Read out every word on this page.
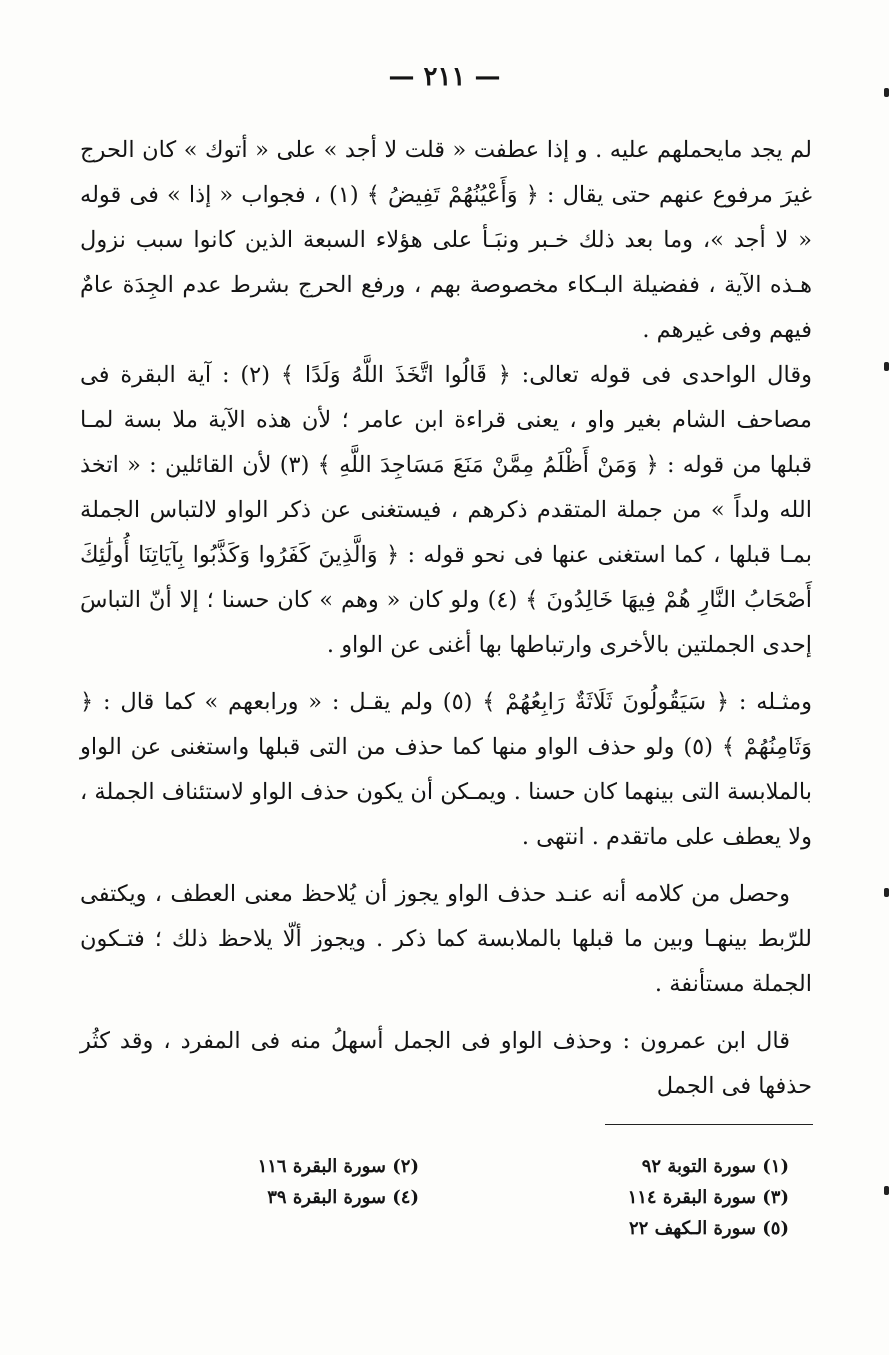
— ٢١١ —

لم يجد مايحملهم عليه . و إذا عطفت « قلت لا أجد » على « أتوك » كان الحرج غيرَ مرفوع عنهم حتى يقال : ﴿ وَأَعْيُنُهُمْ تَفِيضُ ﴾ (١) ، فجواب « إذا » فى قوله « لا أجد »، وما بعد ذلك خـبر ونبَـأ على هؤلاء السبعة الذين كانوا سبب نزول هـذه الآية ، ففضيلة البـكاء مخصوصة بهم ، ورفع الحرج بشرط عدم الجِدَة عامٌ فيهم وفى غيرهم .

وقال الواحدى فى قوله تعالى: ﴿ قَالُوا اتَّخَذَ اللَّهُ وَلَدًا ﴾ (٢) : آية البقرة فى مصاحف الشام بغير واو ، يعنى قراءة ابن عامر ؛ لأن هذه الآية ملا بسة لمـا قبلها من قوله : ﴿ وَمَنْ أَظْلَمُ مِمَّنْ مَنَعَ مَسَاجِدَ اللَّهِ ﴾ (٣) لأن القائلين : « اتخذ الله ولداً » من جملة المتقدم ذكرهم ، فيستغنى عن ذكر الواو لالتباس الجملة بمـا قبلها ، كما استغنى عنها فى نحو قوله : ﴿ وَالَّذِينَ كَفَرُوا وَكَذَّبُوا بِآيَاتِنَا أُولَٰئِكَ أَصْحَابُ النَّارِ هُمْ فِيهَا خَالِدُونَ ﴾ (٤) ولو كان « وهم » كان حسنا ؛ إلا أنّ التباسَ إحدى الجملتين بالأخرى وارتباطها بها أغنى عن الواو .

ومثـله : ﴿ سَيَقُولُونَ ثَلَاثَةٌ رَابِعُهُمْ ﴾ (٥) ولم يقـل : « ورابعهم » كما قال : ﴿ وَثَامِنُهُمْ ﴾ (٥) ولو حذف الواو منها كما حذف من التى قبلها واستغنى عن الواو بالملابسة التى بينهما كان حسنا . ويمـكن أن يكون حذف الواو لاستئناف الجملة ، ولا يعطف على ماتقدم . انتهى .

وحصل من كلامه أنه عنـد حذف الواو يجوز أن يُلاحظ معنى العطف ، ويكتفى للرّبط بينهـا وبين ما قبلها بالملابسة كما ذكر . ويجوز ألّا يلاحظ ذلك ؛ فتـكون الجملة مستأنفة .

قال ابن عمرون : وحذف الواو فى الجمل أسهلُ منه فى المفرد ، وقد كثُر حذفها فى الجمل

(١) سورة التوبة ٩٢
(٢) سورة البقرة ١١٦
(٣) سورة البقرة ١١٤
(٤) سورة البقرة ٣٩
(٥) سورة الـكهف ٢٢
